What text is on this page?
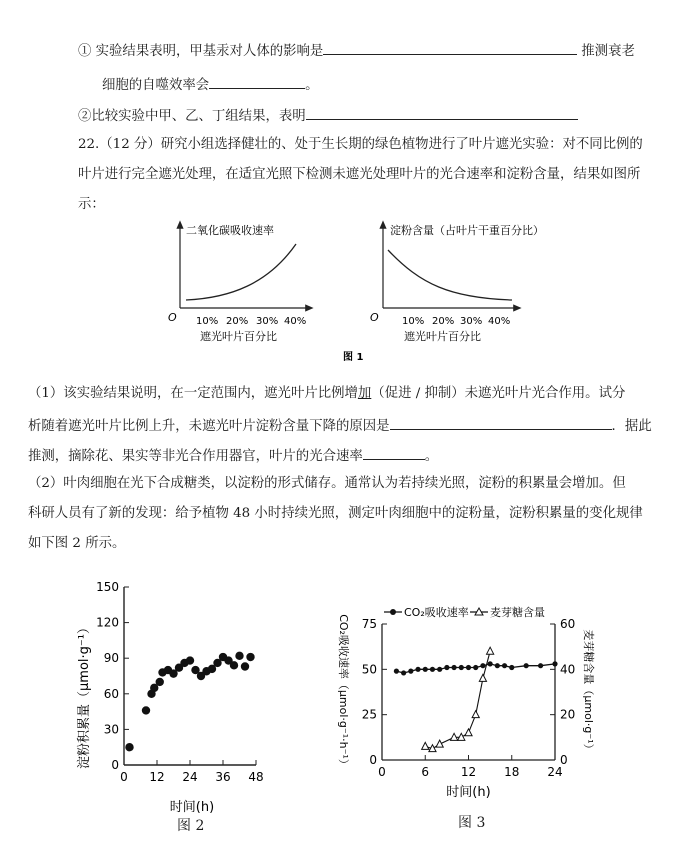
① 实验结果表明，甲基汞对人体的影响是	推测衰老
细胞的自噬效率会	。
②比较实验中甲、乙、丁组结果，表明
22.（12 分）研究小组选择健壮的、处于生长期的绿色植物进行了叶片遮光实验：对不同比例的
叶片进行完全遮光处理，在适宜光照下检测未遮光处理叶片的光合速率和淀粉含量，结果如图所
示：
二氧化碳吸收速率
O 10% 20% 30% 40%
遮光叶片百分比
淀粉含量（占叶片干重百分比）
O 10% 20% 30% 40%
遮光叶片百分比
图 1
（1）该实验结果说明，在一定范围内，遮光叶片比例增加（促进 / 抑制）未遮光叶片光合作用。试分
析随着遮光叶片比例上升，未遮光叶片淀粉含量下降的原因是	．据此
推测，摘除花、果实等非光合作用器官，叶片的光合速率	。
（2）叶肉细胞在光下合成糖类，以淀粉的形式储存。通常认为若持续光照，淀粉的积累量会增加。但
科研人员有了新的发现：给予植物 48 小时持续光照，测定叶肉细胞中的淀粉量，淀粉积累量的变化规律
如下图 2 所示。
0
30
60
90
120
150
0 12 24 36 48
淀粉积累量（μmol·g⁻¹）
时间(h)
图 2
0
25
50
75
0
20
40
60
0	6	12 18 24
时间(h)
CO₂吸收速率（μmol·g⁻¹·h⁻¹）	麦芽糖含量（μmol·g⁻¹）
CO₂吸收速率 麦芽糖含量
图 3
